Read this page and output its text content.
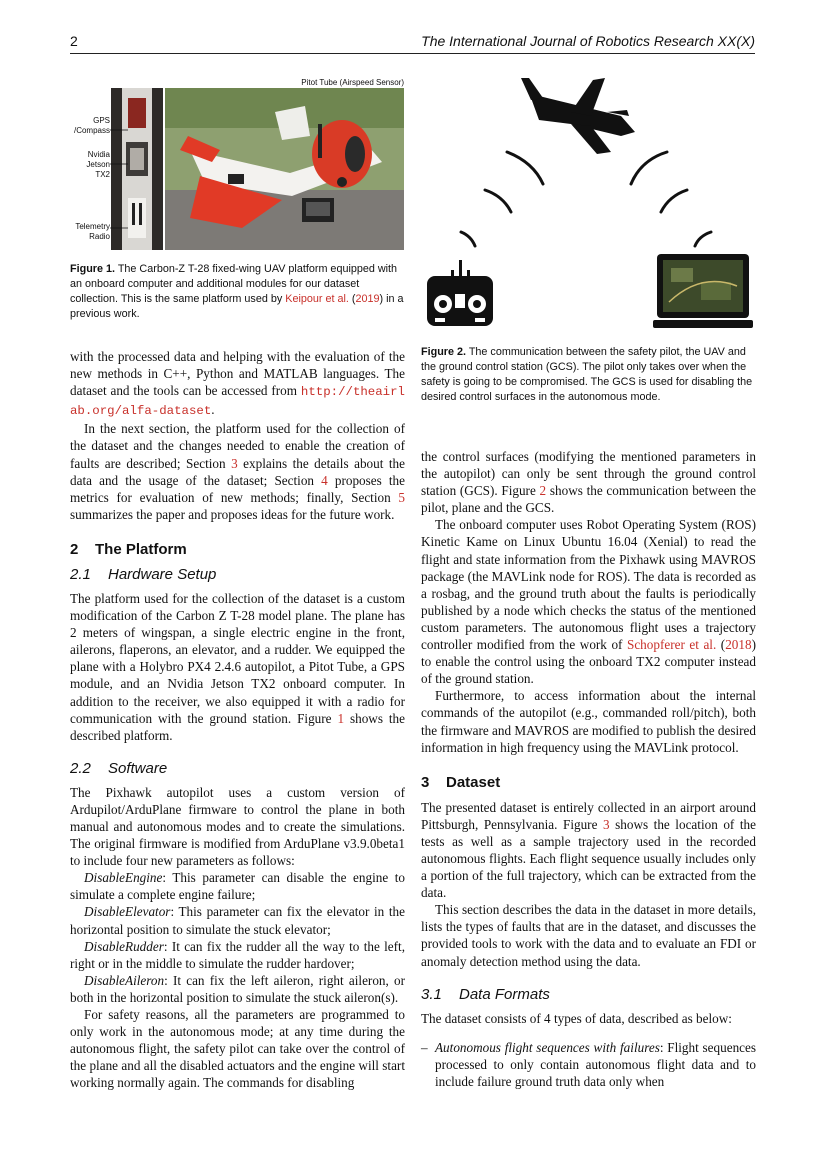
2	The International Journal of Robotics Research XX(X)
Pitot Tube (Airspeed Sensor)
GPS
/Compass
Nvidia
Jetson
TX2
Telemetry
Radio

Figure 1. The Carbon-Z T-28 fixed-wing UAV platform equipped with an onboard computer and additional modules for our dataset collection. This is the same platform used by Keipour et al. (2019) in a previous work.

Figure 2. The communication between the safety pilot, the UAV and the ground control station (GCS). The pilot only takes over when the safety is going to be compromised. The GCS is used for disabling the desired control surfaces in the autonomous mode.

with the processed data and helping with the evaluation of the new methods in C++, Python and MATLAB languages. The dataset and the tools can be accessed from http://theairlab.org/alfa-dataset.

In the next section, the platform used for the collection of the dataset and the changes needed to enable the creation of faults are described; Section 3 explains the details about the data and the usage of the dataset; Section 4 proposes the metrics for evaluation of new methods; finally, Section 5 summarizes the paper and proposes ideas for the future work.

2 The Platform
2.1 Hardware Setup

The platform used for the collection of the dataset is a custom modification of the Carbon Z T-28 model plane. The plane has 2 meters of wingspan, a single electric engine in the front, ailerons, flaperons, an elevator, and a rudder. We equipped the plane with a Holybro PX4 2.4.6 autopilot, a Pitot Tube, a GPS module, and an Nvidia Jetson TX2 onboard computer. In addition to the receiver, we also equipped it with a radio for communication with the ground station. Figure 1 shows the described platform.

2.2 Software

The Pixhawk autopilot uses a custom version of Ardupilot/ArduPlane firmware to control the plane in both manual and autonomous modes and to create the simulations. The original firmware is modified from ArduPlane v3.9.0beta1 to include four new parameters as follows:

DisableEngine: This parameter can disable the engine to simulate a complete engine failure;

DisableElevator: This parameter can fix the elevator in the horizontal position to simulate the stuck elevator;

DisableRudder: It can fix the rudder all the way to the left, right or in the middle to simulate the rudder hardover;

DisableAileron: It can fix the left aileron, right aileron, or both in the horizontal position to simulate the stuck aileron(s).

For safety reasons, all the parameters are programmed to only work in the autonomous mode; at any time during the autonomous flight, the safety pilot can take over the control of the plane and all the disabled actuators and the engine will start working normally again. The commands for disabling

the control surfaces (modifying the mentioned parameters in the autopilot) can only be sent through the ground control station (GCS). Figure 2 shows the communication between the pilot, plane and the GCS.

The onboard computer uses Robot Operating System (ROS) Kinetic Kame on Linux Ubuntu 16.04 (Xenial) to read the flight and state information from the Pixhawk using MAVROS package (the MAVLink node for ROS). The data is recorded as a rosbag, and the ground truth about the faults is periodically published by a node which checks the status of the mentioned custom parameters. The autonomous flight uses a trajectory controller modified from the work of Schopferer et al. (2018) to enable the control using the onboard TX2 computer instead of the ground station.

Furthermore, to access information about the internal commands of the autopilot (e.g., commanded roll/pitch), both the firmware and MAVROS are modified to publish the desired information in high frequency using the MAVLink protocol.

3 Dataset

The presented dataset is entirely collected in an airport around Pittsburgh, Pennsylvania. Figure 3 shows the location of the tests as well as a sample trajectory used in the recorded autonomous flights. Each flight sequence usually includes only a portion of the full trajectory, which can be extracted from the data.

This section describes the data in the dataset in more details, lists the types of faults that are in the dataset, and discusses the provided tools to work with the data and to evaluate an FDI or anomaly detection method using the data.

3.1 Data Formats

The dataset consists of 4 types of data, described as below:

– Autonomous flight sequences with failures: Flight sequences processed to only contain autonomous flight data and to include failure ground truth data only when
